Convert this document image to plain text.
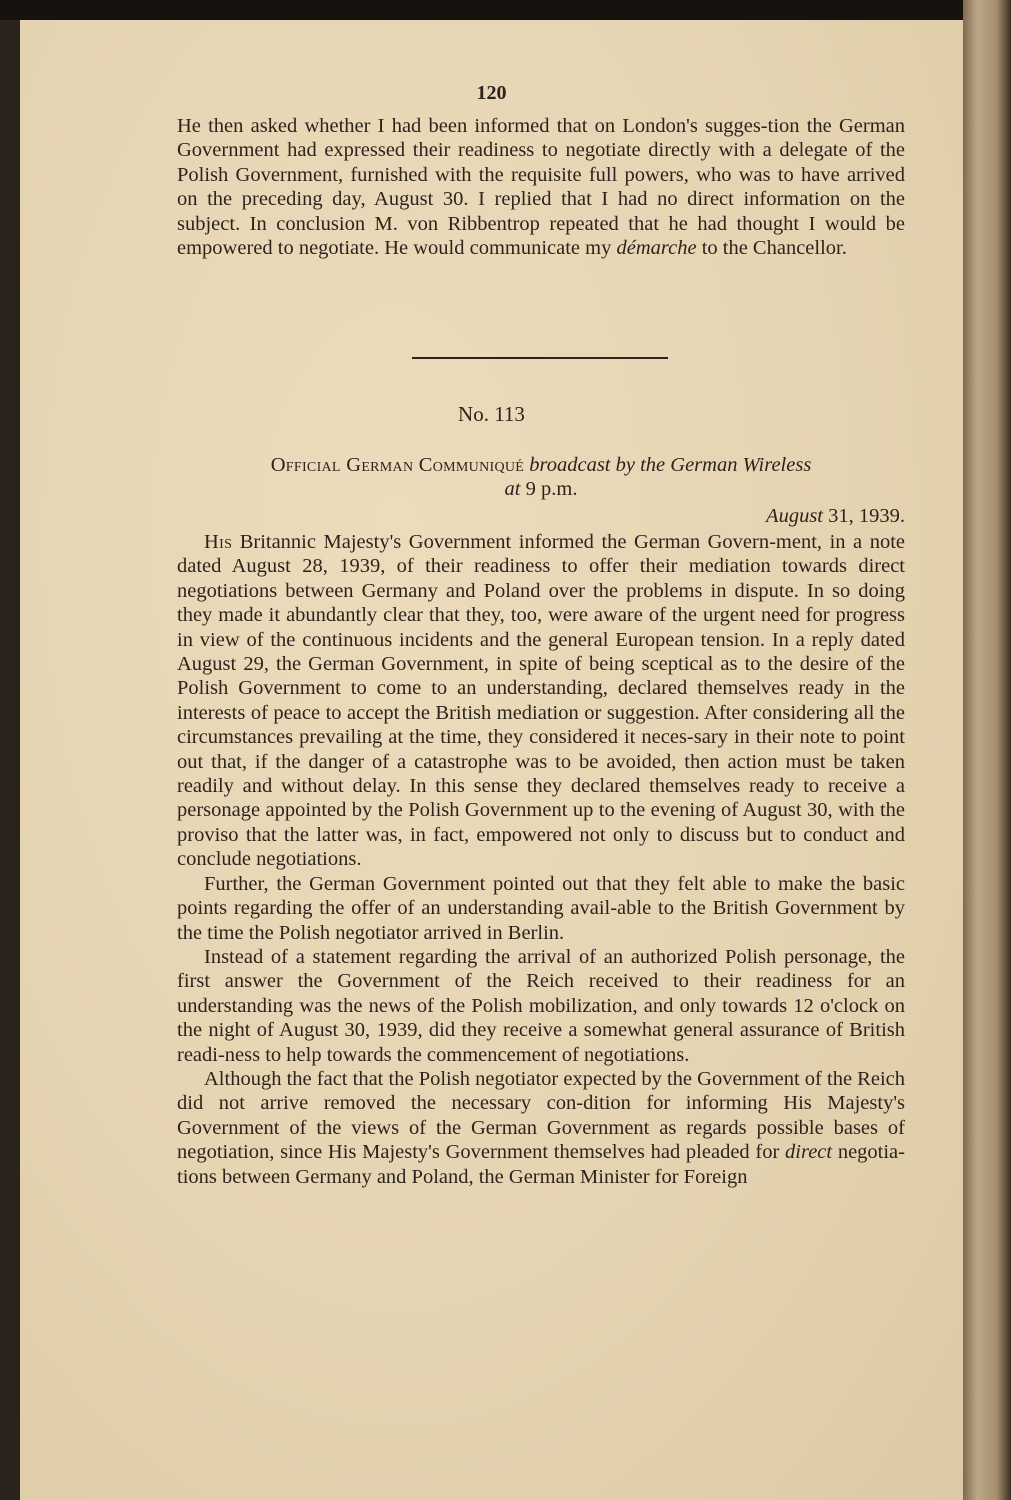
120

He then asked whether I had been informed that on London's sugges-tion the German Government had expressed their readiness to negotiate directly with a delegate of the Polish Government, furnished with the requisite full powers, who was to have arrived on the preceding day, August 30. I replied that I had no direct information on the subject. In conclusion M. von Ribbentrop repeated that he had thought I would be empowered to negotiate. He would communicate my démarche to the Chancellor.

No. 113
Official German Communiqué broadcast by the German Wireless
at 9 p.m.
August 31, 1939.

His Britannic Majesty's Government informed the German Govern-ment, in a note dated August 28, 1939, of their readiness to offer their mediation towards direct negotiations between Germany and Poland over the problems in dispute. In so doing they made it abundantly clear that they, too, were aware of the urgent need for progress in view of the continuous incidents and the general European tension. In a reply dated August 29, the German Government, in spite of being sceptical as to the desire of the Polish Government to come to an understanding, declared themselves ready in the interests of peace to accept the British mediation or suggestion. After considering all the circumstances prevailing at the time, they considered it neces-sary in their note to point out that, if the danger of a catastrophe was to be avoided, then action must be taken readily and without delay. In this sense they declared themselves ready to receive a personage appointed by the Polish Government up to the evening of August 30, with the proviso that the latter was, in fact, empowered not only to discuss but to conduct and conclude negotiations.

Further, the German Government pointed out that they felt able to make the basic points regarding the offer of an understanding avail-able to the British Government by the time the Polish negotiator arrived in Berlin.

Instead of a statement regarding the arrival of an authorized Polish personage, the first answer the Government of the Reich received to their readiness for an understanding was the news of the Polish mobilization, and only towards 12 o'clock on the night of August 30, 1939, did they receive a somewhat general assurance of British readi-ness to help towards the commencement of negotiations.

Although the fact that the Polish negotiator expected by the Government of the Reich did not arrive removed the necessary con-dition for informing His Majesty's Government of the views of the German Government as regards possible bases of negotiation, since His Majesty's Government themselves had pleaded for direct negotia-tions between Germany and Poland, the German Minister for Foreign
